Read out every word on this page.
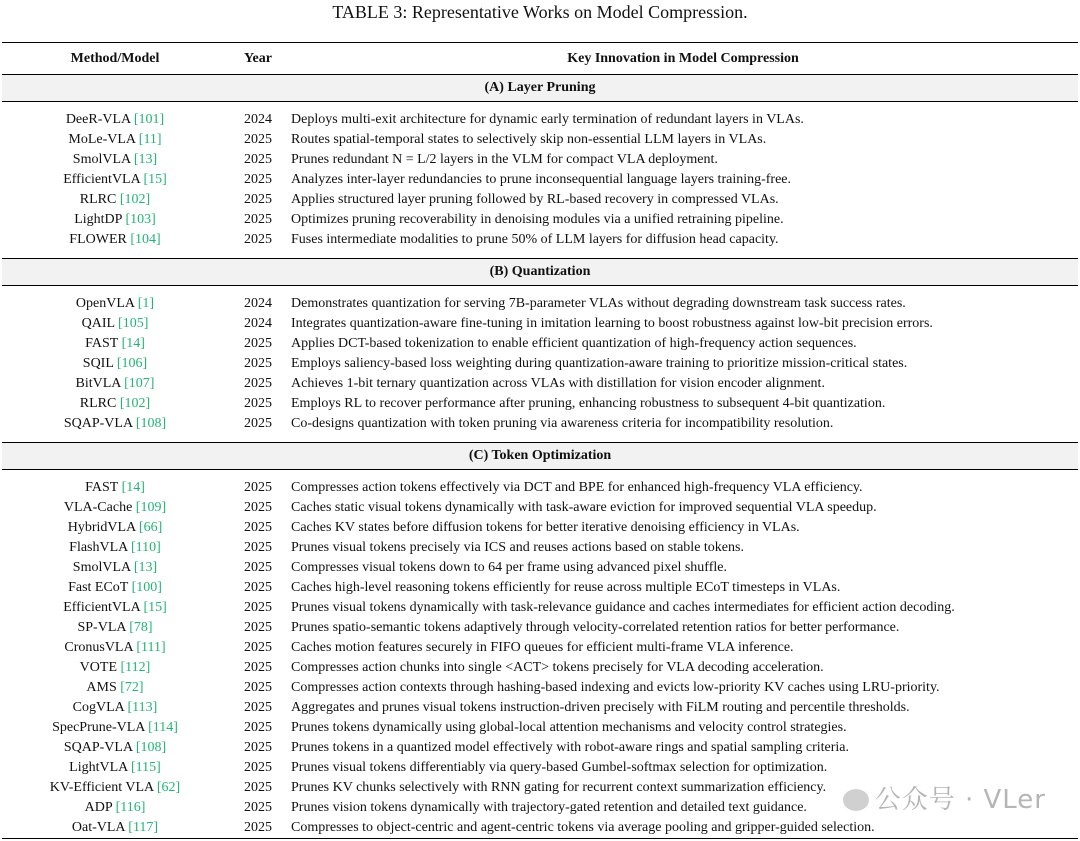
TABLE 3: Representative Works on Model Compression.
Method/Model	Year	Key Innovation in Model Compression
(A) Layer Pruning		

DeeR-VLA [101]	2024	Deploys multi-exit architecture for dynamic early termination of redundant layers in VLAs.
MoLe-VLA [11]	2025	Routes spatial-temporal states to selectively skip non-essential LLM layers in VLAs.
SmolVLA [13]	2025	Prunes redundant N = L/2 layers in the VLM for compact VLA deployment.
EfficientVLA [15]	2025	Analyzes inter-layer redundancies to prune inconsequential language layers training-free.
RLRC [102]	2025	Applies structured layer pruning followed by RL-based recovery in compressed VLAs.
LightDP [103]	2025	Optimizes pruning recoverability in denoising modules via a unified retraining pipeline.
FLOWER [104]	2025	Fuses intermediate modalities to prune 50% of LLM layers for diffusion head capacity.

(B) Quantization		

OpenVLA [1]	2024	Demonstrates quantization for serving 7B-parameter VLAs without degrading downstream task success rates.
QAIL [105]	2024	Integrates quantization-aware fine-tuning in imitation learning to boost robustness against low-bit precision errors.
FAST [14]	2025	Applies DCT-based tokenization to enable efficient quantization of high-frequency action sequences.
SQIL [106]	2025	Employs saliency-based loss weighting during quantization-aware training to prioritize mission-critical states.
BitVLA [107]	2025	Achieves 1-bit ternary quantization across VLAs with distillation for vision encoder alignment.
RLRC [102]	2025	Employs RL to recover performance after pruning, enhancing robustness to subsequent 4-bit quantization.
SQAP-VLA [108]	2025	Co-designs quantization with token pruning via awareness criteria for incompatibility resolution.

(C) Token Optimization		

FAST [14]	2025	Compresses action tokens effectively via DCT and BPE for enhanced high-frequency VLA efficiency.
VLA-Cache [109]	2025	Caches static visual tokens dynamically with task-aware eviction for improved sequential VLA speedup.
HybridVLA [66]	2025	Caches KV states before diffusion tokens for better iterative denoising efficiency in VLAs.
FlashVLA [110]	2025	Prunes visual tokens precisely via ICS and reuses actions based on stable tokens.
SmolVLA [13]	2025	Compresses visual tokens down to 64 per frame using advanced pixel shuffle.
Fast ECoT [100]	2025	Caches high-level reasoning tokens efficiently for reuse across multiple ECoT timesteps in VLAs.
EfficientVLA [15]	2025	Prunes visual tokens dynamically with task-relevance guidance and caches intermediates for efficient action decoding.
SP-VLA [78]	2025	Prunes spatio-semantic tokens adaptively through velocity-correlated retention ratios for better performance.
CronusVLA [111]	2025	Caches motion features securely in FIFO queues for efficient multi-frame VLA inference.
VOTE [112]	2025	Compresses action chunks into single <ACT> tokens precisely for VLA decoding acceleration.
AMS [72]	2025	Compresses action contexts through hashing-based indexing and evicts low-priority KV caches using LRU-priority.
CogVLA [113]	2025	Aggregates and prunes visual tokens instruction-driven precisely with FiLM routing and percentile thresholds.
SpecPrune-VLA [114]	2025	Prunes tokens dynamically using global-local attention mechanisms and velocity control strategies.
SQAP-VLA [108]	2025	Prunes tokens in a quantized model effectively with robot-aware rings and spatial sampling criteria.
LightVLA [115]	2025	Prunes visual tokens differentiably via query-based Gumbel-softmax selection for optimization.
KV-Efficient VLA [62]	2025	Prunes KV chunks selectively with RNN gating for recurrent context summarization efficiency.
ADP [116]	2025	Prunes vision tokens dynamically with trajectory-gated retention and detailed text guidance.
Oat-VLA [117]	2025	Compresses to object-centric and agent-centric tokens via average pooling and gripper-guided selection.
公众号 · VLer
